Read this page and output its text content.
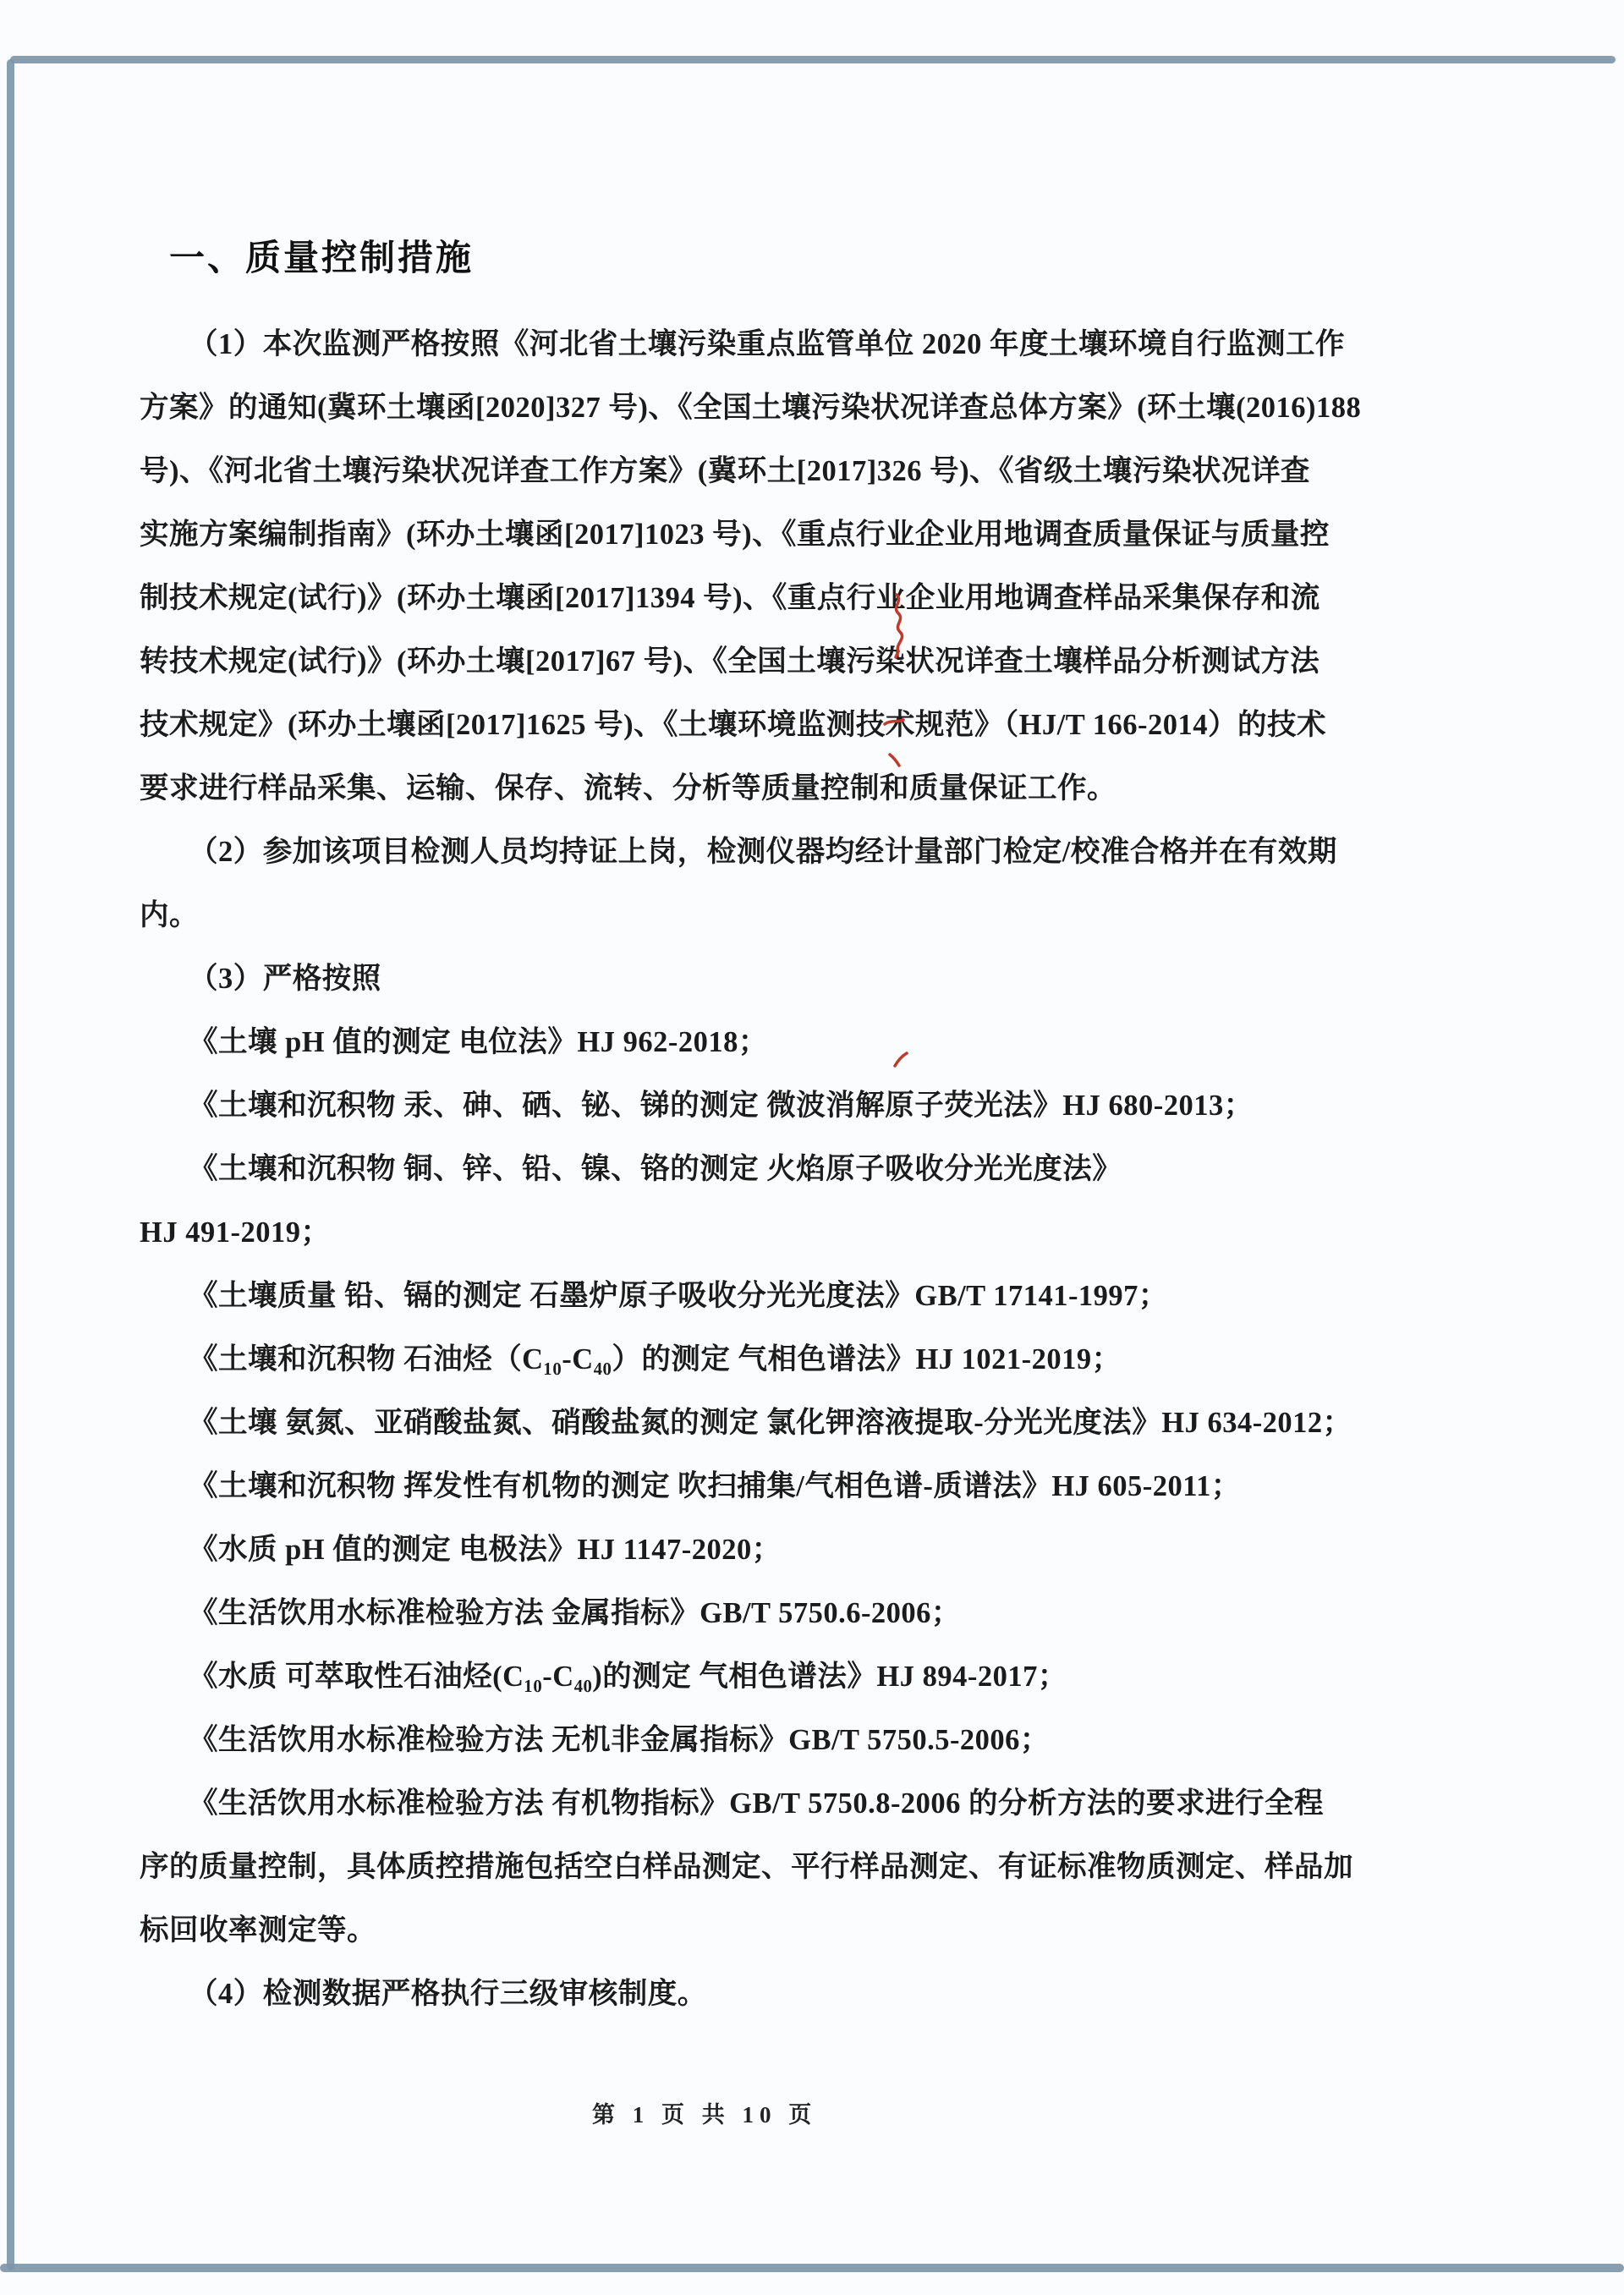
一、质量控制措施
（1）本次监测严格按照《河北省土壤污染重点监管单位 2020 年度土壤环境自行监测工作
方案》的通知(冀环土壤函[2020]327 号)、《全国土壤污染状况详查总体方案》(环土壤(2016)188
号)、《河北省土壤污染状况详查工作方案》(冀环土[2017]326 号)、《省级土壤污染状况详查
实施方案编制指南》(环办土壤函[2017]1023 号)、《重点行业企业用地调查质量保证与质量控
制技术规定(试行)》(环办土壤函[2017]1394 号)、《重点行业企业用地调查样品采集保存和流
转技术规定(试行)》(环办土壤[2017]67 号)、《全国土壤污染状况详查土壤样品分析测试方法
技术规定》(环办土壤函[2017]1625 号)、《土壤环境监测技术规范》（HJ/T 166-2014）的技术
要求进行样品采集、运输、保存、流转、分析等质量控制和质量保证工作。
（2）参加该项目检测人员均持证上岗，检测仪器均经计量部门检定/校准合格并在有效期
内。
（3）严格按照
《土壤 pH 值的测定 电位法》HJ 962-2018；
《土壤和沉积物 汞、砷、硒、铋、锑的测定 微波消解原子荧光法》HJ 680-2013；
《土壤和沉积物 铜、锌、铅、镍、铬的测定 火焰原子吸收分光光度法》
HJ 491-2019；
《土壤质量 铅、镉的测定 石墨炉原子吸收分光光度法》GB/T 17141-1997；
《土壤和沉积物 石油烃（C₁₀-C₄₀）的测定 气相色谱法》HJ 1021-2019；
《土壤 氨氮、亚硝酸盐氮、硝酸盐氮的测定 氯化钾溶液提取-分光光度法》HJ 634-2012；
《土壤和沉积物 挥发性有机物的测定 吹扫捕集/气相色谱-质谱法》HJ 605-2011；
《水质 pH 值的测定 电极法》HJ 1147-2020；
《生活饮用水标准检验方法 金属指标》GB/T 5750.6-2006；
《水质 可萃取性石油烃(C₁₀-C₄₀)的测定 气相色谱法》HJ 894-2017；
《生活饮用水标准检验方法 无机非金属指标》GB/T 5750.5-2006；
《生活饮用水标准检验方法 有机物指标》GB/T 5750.8-2006 的分析方法的要求进行全程
序的质量控制，具体质控措施包括空白样品测定、平行样品测定、有证标准物质测定、样品加
标回收率测定等。
（4）检测数据严格执行三级审核制度。
第 1 页 共 10 页
